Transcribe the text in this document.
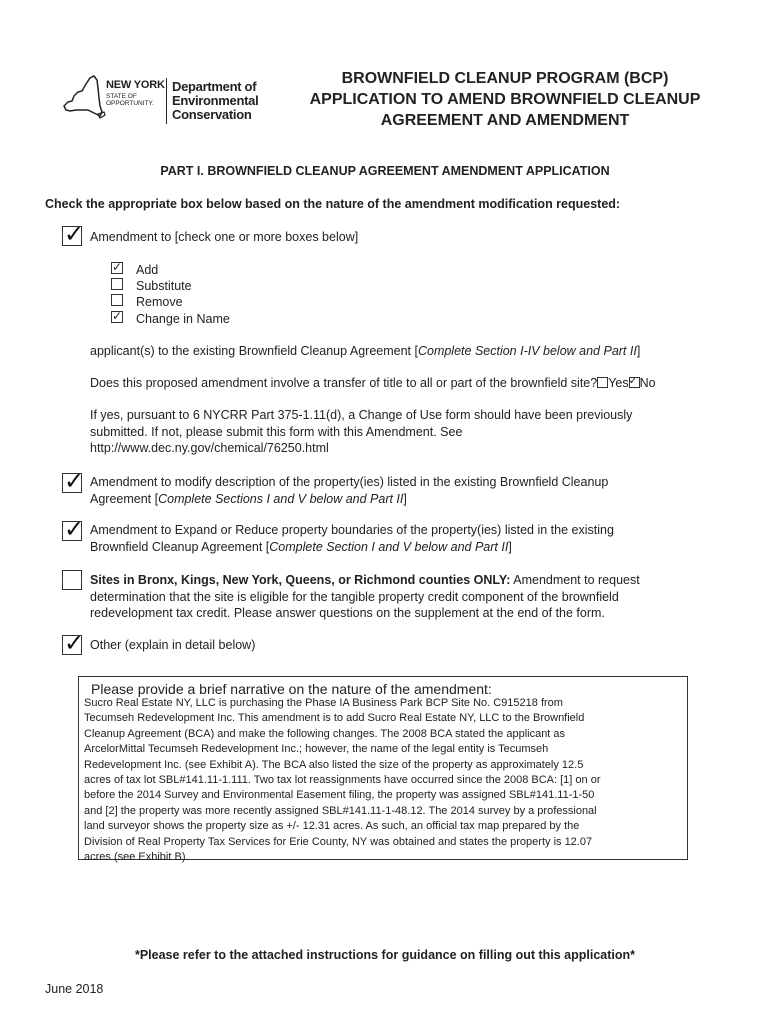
NEW YORK
STATE OF
OPPORTUNITY.
Department of
Environmental
Conservation
BROWNFIELD CLEANUP PROGRAM (BCP)
APPLICATION TO AMEND BROWNFIELD CLEANUP
AGREEMENT AND AMENDMENT
PART I. BROWNFIELD CLEANUP AGREEMENT AMENDMENT APPLICATION
Check the appropriate box below based on the nature of the amendment modification requested:
✓ Amendment to [check one or more boxes below]
✓ Add
Substitute
Remove
✓ Change in Name
applicant(s) to the existing Brownfield Cleanup Agreement [Complete Section I-IV below and Part II]
Does this proposed amendment involve a transfer of title to all or part of the brownfield site? Yes ✓ No
If yes, pursuant to 6 NYCRR Part 375-1.11(d), a Change of Use form should have been previously
submitted. If not, please submit this form with this Amendment. See
http://www.dec.ny.gov/chemical/76250.html
✓ Amendment to modify description of the property(ies) listed in the existing Brownfield Cleanup
Agreement [Complete Sections I and V below and Part II]
✓ Amendment to Expand or Reduce property boundaries of the property(ies) listed in the existing
Brownfield Cleanup Agreement [Complete Section I and V below and Part II]
Sites in Bronx, Kings, New York, Queens, or Richmond counties ONLY: Amendment to request
determination that the site is eligible for the tangible property credit component of the brownfield
redevelopment tax credit. Please answer questions on the supplement at the end of the form.
✓ Other (explain in detail below)
Please provide a brief narrative on the nature of the amendment:
Sucro Real Estate NY, LLC is purchasing the Phase IA Business Park BCP Site No. C915218 from
Tecumseh Redevelopment Inc. This amendment is to add Sucro Real Estate NY, LLC to the Brownfield
Cleanup Agreement (BCA) and make the following changes. The 2008 BCA stated the applicant as
ArcelorMittal Tecumseh Redevelopment Inc.; however, the name of the legal entity is Tecumseh
Redevelopment Inc. (see Exhibit A). The BCA also listed the size of the property as approximately 12.5
acres of tax lot SBL#141.11-1.111. Two tax lot reassignments have occurred since the 2008 BCA: [1] on or
before the 2014 Survey and Environmental Easement filing, the property was assigned SBL#141.11-1-50
and [2] the property was more recently assigned SBL#141.11-1-48.12. The 2014 survey by a professional
land surveyor shows the property size as +/- 12.31 acres. As such, an official tax map prepared by the
Division of Real Property Tax Services for Erie County, NY was obtained and states the property is 12.07
acres (see Exhibit B).
*Please refer to the attached instructions for guidance on filling out this application*
June 2018
